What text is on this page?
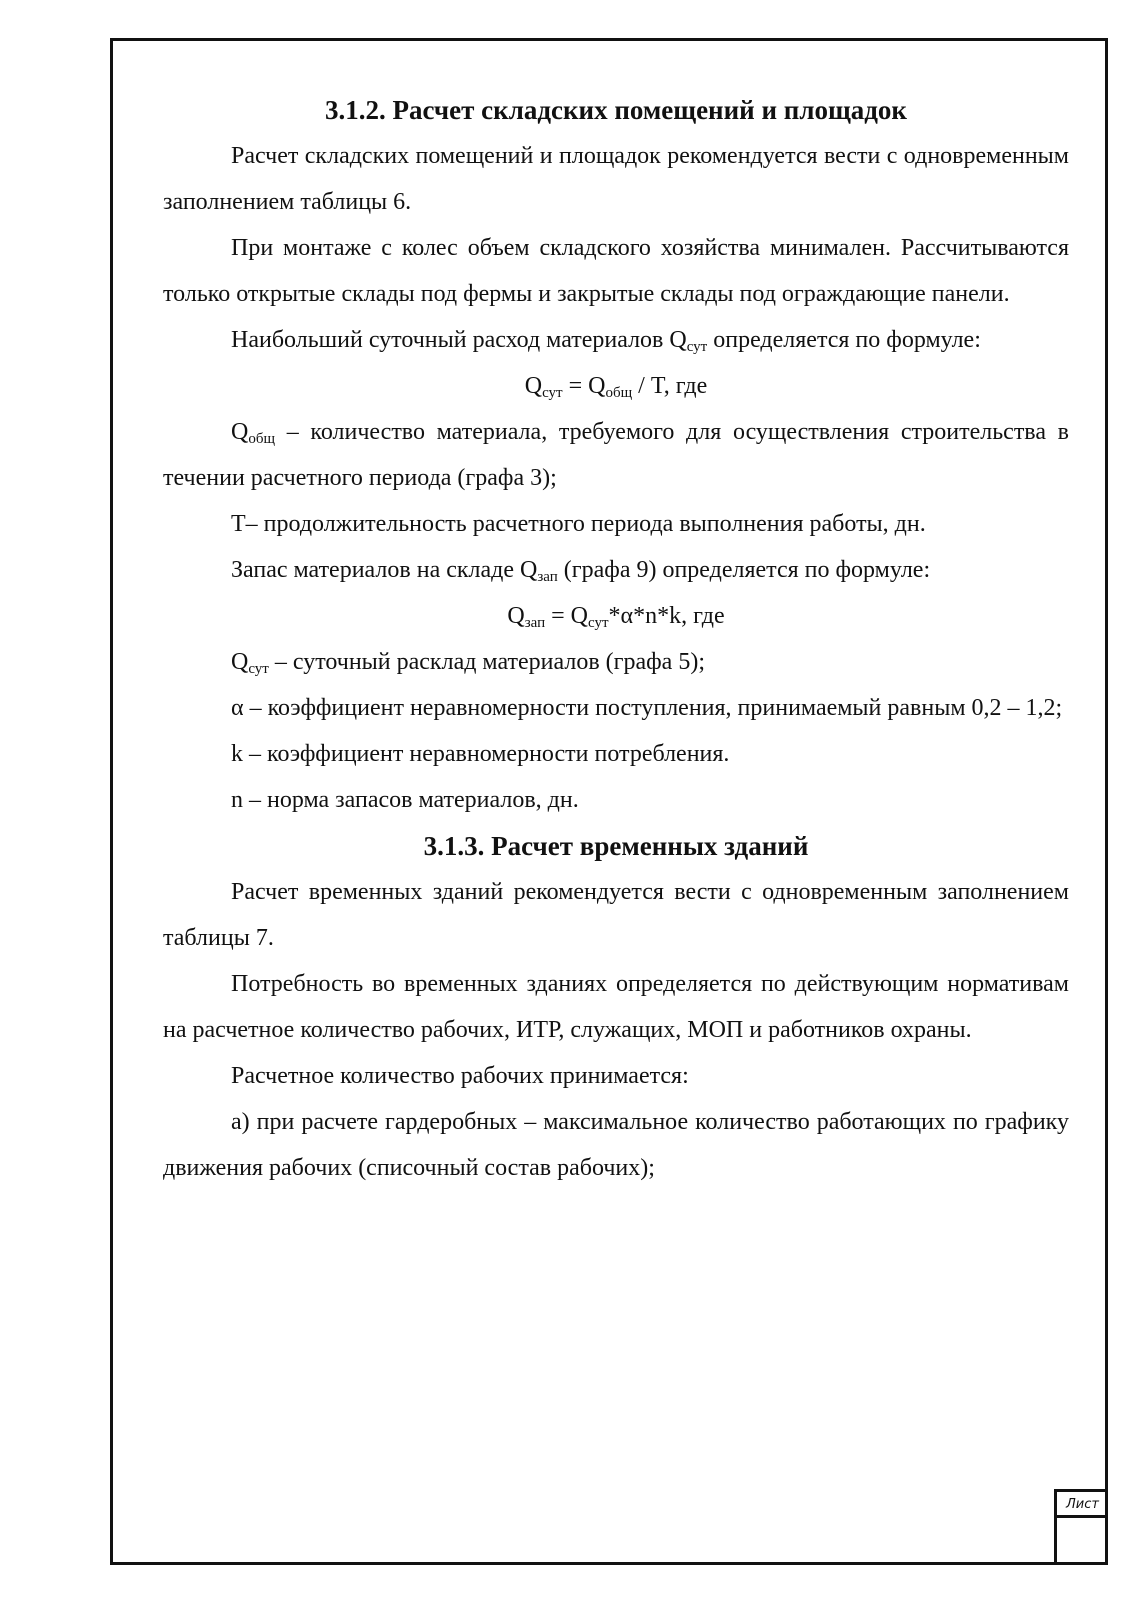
Лист
3.1.2. Расчет складских помещений и площадок

Расчет складских помещений и площадок рекомендуется вести с одновременным заполнением таблицы 6.

При монтаже с колес объем складского хозяйства минимален. Рассчитываются только открытые склады под фермы и закрытые склады под ограждающие панели.

Наибольший суточный расход материалов $Q_{сут}$ определяется по формуле:

$Q_{сут} = Q_{общ} / T$, где

$Q_{общ}$ – количество материала, требуемого для осуществления строительства в течении расчетного периода (графа 3);

T– продолжительность расчетного периода выполнения работы, дн.

Запас материалов на складе $Q_{зап}$ (графа 9) определяется по формуле:

$Q_{зап} = Q_{сут}*\alpha*n*k$, где

$Q_{сут}$ – суточный расклад материалов (графа 5);

α – коэффициент неравномерности поступления, принимаемый равным 0,2 – 1,2;

k – коэффициент неравномерности потребления.

n – норма запасов материалов, дн.

3.1.3. Расчет временных зданий

Расчет временных зданий рекомендуется вести с одновременным заполнением таблицы 7.

Потребность во временных зданиях определяется по действующим нормативам на расчетное количество рабочих, ИТР, служащих, МОП и работников охраны.

Расчетное количество рабочих принимается:

а) при расчете гардеробных – максимальное количество работающих по графику движения рабочих (списочный состав рабочих);
